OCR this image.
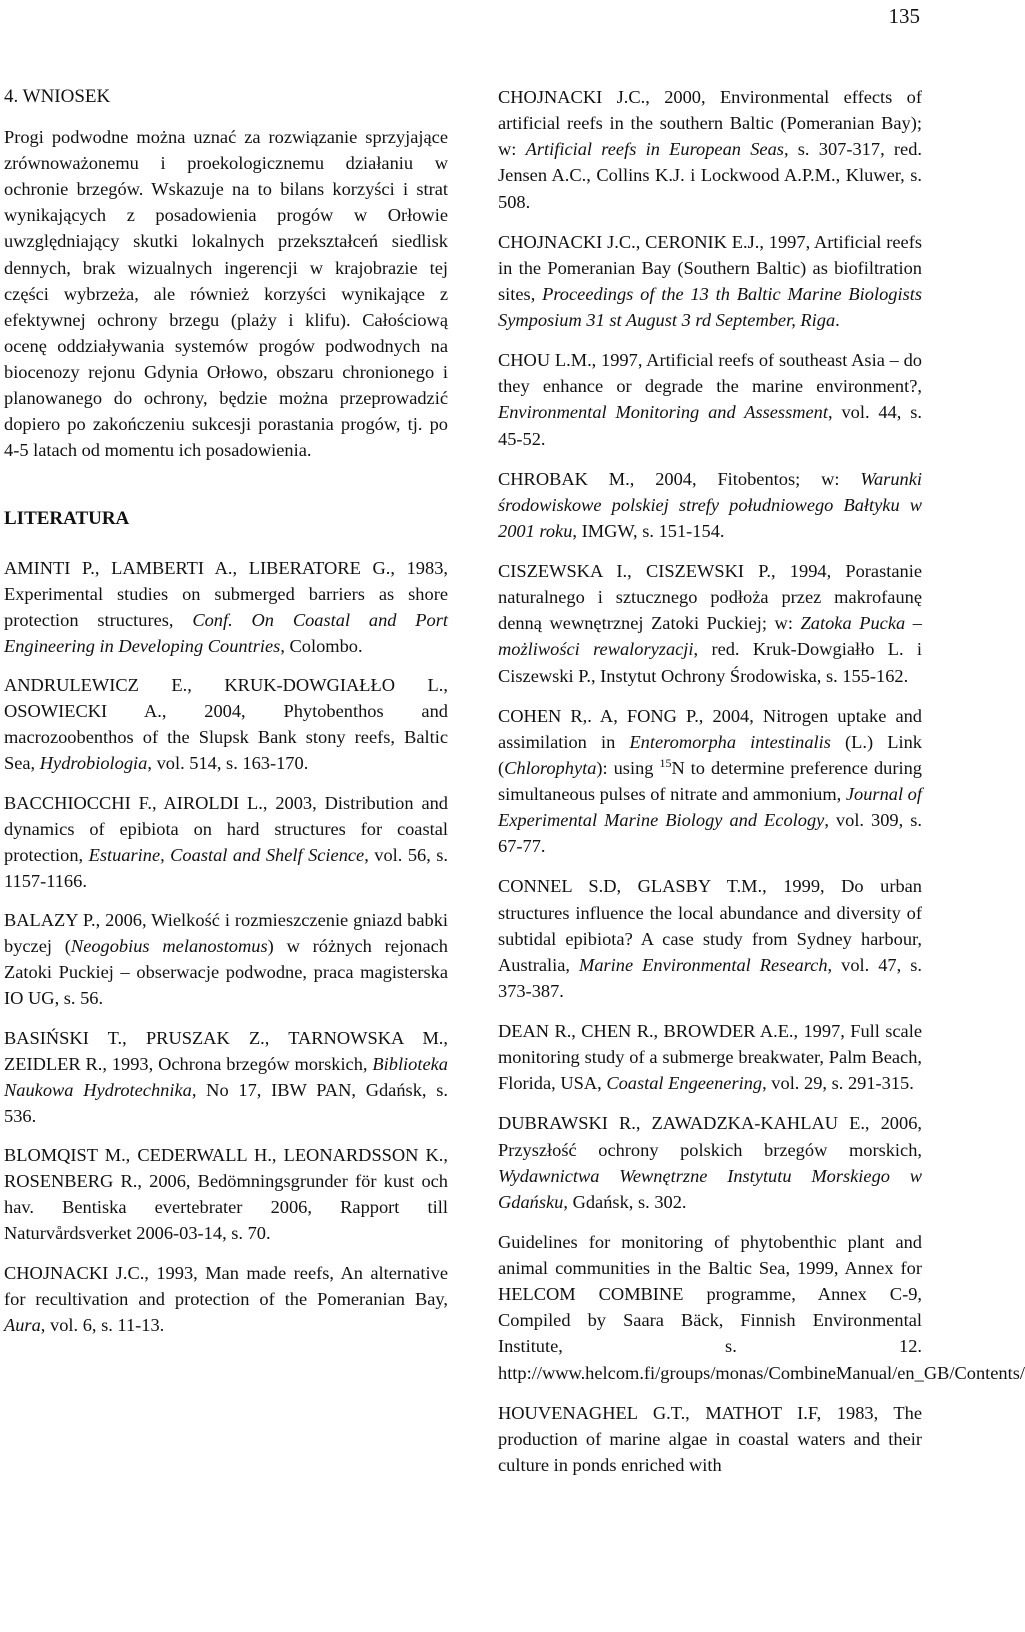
135
4. WNIOSEK

Progi podwodne można uznać za rozwiązanie sprzyjające zrównoważonemu i proekologicznemu działaniu w ochronie brzegów. Wskazuje na to bilans korzyści i strat wynikających z posadowienia progów w Orłowie uwzględniający skutki lokalnych przekształceń siedlisk dennych, brak wizualnych ingerencji w krajobrazie tej części wybrzeża, ale również korzyści wynikające z efektywnej ochrony brzegu (plaży i klifu). Całościową ocenę oddziaływania systemów progów podwodnych na biocenozy rejonu Gdynia Orłowo, obszaru chronionego i planowanego do ochrony, będzie można przeprowadzić dopiero po zakończeniu sukcesji porastania progów, tj. po 4-5 latach od momentu ich posadowienia.

LITERATURA

AMINTI P., LAMBERTI A., LIBERATORE G., 1983, Experimental studies on submerged barriers as shore protection structures, Conf. On Coastal and Port Engineering in Developing Countries, Colombo.

ANDRULEWICZ E., KRUK-DOWGIAŁŁO L., OSOWIECKI A., 2004, Phytobenthos and macrozoobenthos of the Slupsk Bank stony reefs, Baltic Sea, Hydrobiologia, vol. 514, s. 163-170.

BACCHIOCCHI F., AIROLDI L., 2003, Distribution and dynamics of epibiota on hard structures for coastal protection, Estuarine, Coastal and Shelf Science, vol. 56, s. 1157-1166.

BALAZY P., 2006, Wielkość i rozmieszczenie gniazd babki byczej (Neogobius melanostomus) w różnych rejonach Zatoki Puckiej – obserwacje podwodne, praca magisterska IO UG, s. 56.

BASIŃSKI T., PRUSZAK Z., TARNOWSKA M., ZEIDLER R., 1993, Ochrona brzegów morskich, Biblioteka Naukowa Hydrotechnika, No 17, IBW PAN, Gdańsk, s. 536.

BLOMQIST M., CEDERWALL H., LEONARDSSON K., ROSENBERG R., 2006, Bedömningsgrunder för kust och hav. Bentiska evertebrater 2006, Rapport till Naturvårdsverket 2006-03-14, s. 70.

CHOJNACKI J.C., 1993, Man made reefs, An alternative for recultivation and protection of the Pomeranian Bay, Aura, vol. 6, s. 11-13.

CHOJNACKI J.C., 2000, Environmental effects of artificial reefs in the southern Baltic (Pomeranian Bay); w: Artificial reefs in European Seas, s. 307-317, red. Jensen A.C., Collins K.J. i Lockwood A.P.M., Kluwer, s. 508.

CHOJNACKI J.C., CERONIK E.J., 1997, Artificial reefs in the Pomeranian Bay (Southern Baltic) as biofiltration sites, Proceedings of the 13 th Baltic Marine Biologists Symposium 31 st August 3 rd September, Riga.

CHOU L.M., 1997, Artificial reefs of southeast Asia – do they enhance or degrade the marine environment?, Environmental Monitoring and Assessment, vol. 44, s. 45-52.

CHROBAK M., 2004, Fitobentos; w: Warunki środowiskowe polskiej strefy południowego Bałtyku w 2001 roku, IMGW, s. 151-154.

CISZEWSKA I., CISZEWSKI P., 1994, Porastanie naturalnego i sztucznego podłoża przez makrofaunę denną wewnętrznej Zatoki Puckiej; w: Zatoka Pucka – możliwości rewaloryzacji, red. Kruk-Dowgiałło L. i Ciszewski P., Instytut Ochrony Środowiska, s. 155-162.

COHEN R,. A, FONG P., 2004, Nitrogen uptake and assimilation in Enteromorpha intestinalis (L.) Link (Chlorophyta): using $^{15}$N to determine preference during simultaneous pulses of nitrate and ammonium, Journal of Experimental Marine Biology and Ecology, vol. 309, s. 67-77.

CONNEL S.D, GLASBY T.M., 1999, Do urban structures influence the local abundance and diversity of subtidal epibiota? A case study from Sydney harbour, Australia, Marine Environmental Research, vol. 47, s. 373-387.

DEAN R., CHEN R., BROWDER A.E., 1997, Full scale monitoring study of a submerge breakwater, Palm Beach, Florida, USA, Coastal Engeenering, vol. 29, s. 291-315.

DUBRAWSKI R., ZAWADZKA-KAHLAU E., 2006, Przyszłość ochrony polskich brzegów morskich, Wydawnictwa Wewnętrzne Instytutu Morskiego w Gdańsku, Gdańsk, s. 302.

Guidelines for monitoring of phytobenthic plant and animal communities in the Baltic Sea, 1999, Annex for HELCOM COMBINE programme, Annex C-9, Compiled by Saara Bäck, Finnish Environmental Institute, s. 12. http://www.helcom.fi/groups/monas/CombineManual/en_GB/Contents/

HOUVENAGHEL G.T., MATHOT I.F, 1983, The production of marine algae in coastal waters and their culture in ponds enriched with
